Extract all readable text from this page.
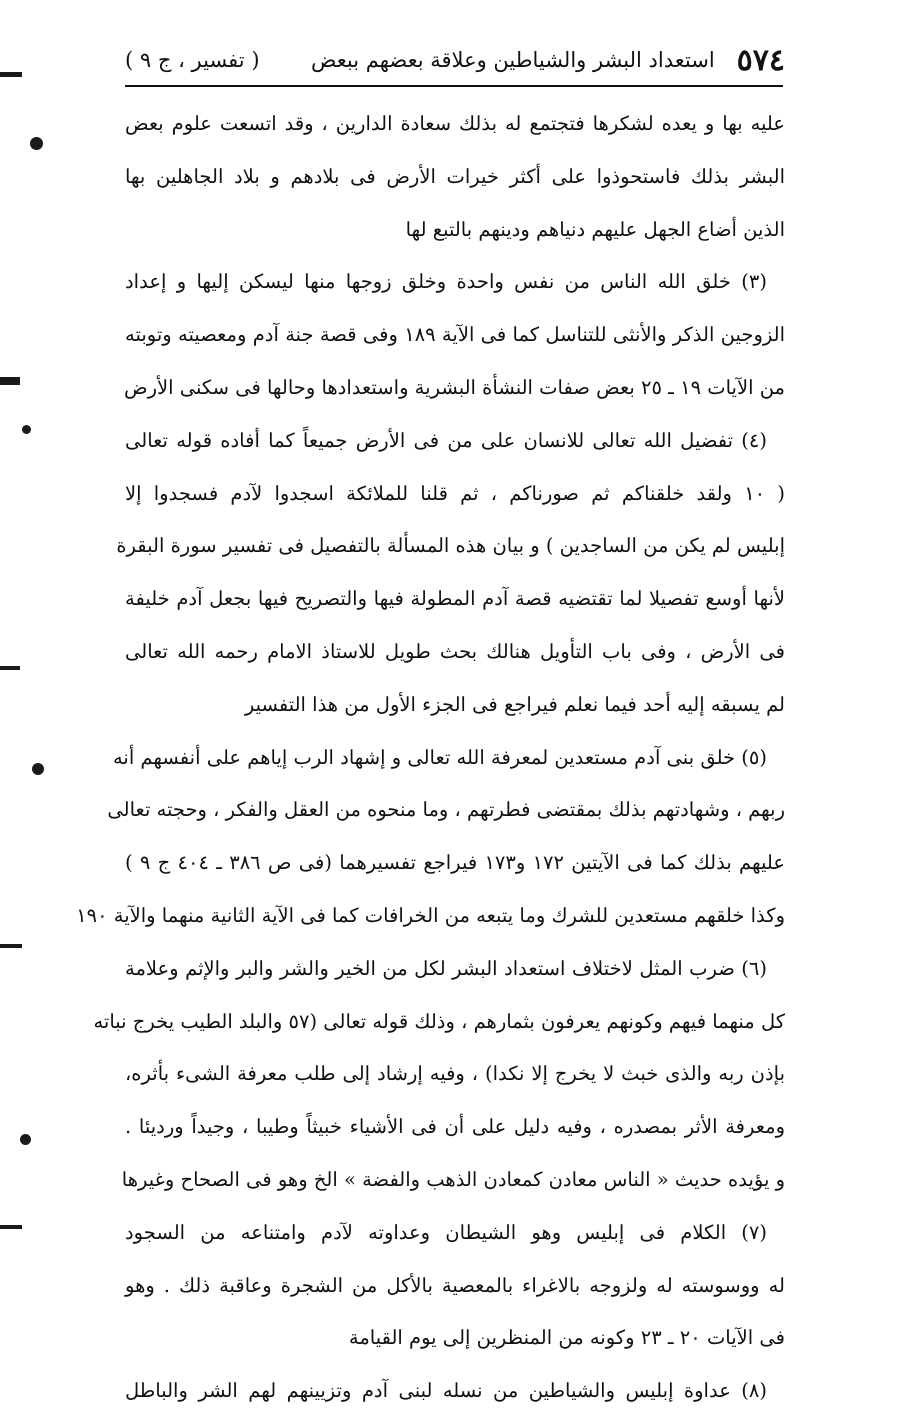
٥٧٤
استعداد البشر والشياطين وعلاقة بعضهم ببعض
( تفسير ، ج ٩ )
عليه بها و يعده لشكرها فتجتمع له بذلك سعادة الدارين ، وقد اتسعت علوم بعض
البشر بذلك فاستحوذوا على أكثر خيرات الأرض فى بلادهم و بلاد الجاهلين بها
الذين أضاع الجهل عليهم دنياهم ودينهم بالتبع لها
(٣) خلق الله الناس من نفس واحدة وخلق زوجها منها ليسكن إليها و إعداد
الزوجين الذكر والأنثى للتناسل كما فى الآية ١٨٩ وفى قصة جنة آدم ومعصيته وتوبته
من الآيات ١٩ ـ ٢٥ بعض صفات النشأة البشرية واستعدادها وحالها فى سكنى الأرض
(٤) تفضيل الله تعالى للانسان على من فى الأرض جميعاً كما أفاده قوله تعالى
( ١٠ ولقد خلقناكم ثم صورناكم ، ثم قلنا للملائكة اسجدوا لآدم فسجدوا إلا
إبليس لم يكن من الساجدين ) و بيان هذه المسألة بالتفصيل فى تفسير سورة البقرة
لأنها أوسع تفصيلا لما تقتضيه قصة آدم المطولة فيها والتصريح فيها بجعل آدم خليفة
فى الأرض ، وفى باب التأويل هنالك بحث طويل للاستاذ الامام رحمه الله تعالى
لم يسبقه إليه أحد فيما نعلم فيراجع فى الجزء الأول من هذا التفسير
(٥) خلق بنى آدم مستعدين لمعرفة الله تعالى و إشهاد الرب إياهم على أنفسهم أنه
ربهم ، وشهادتهم بذلك بمقتضى فطرتهم ، وما منحوه من العقل والفكر ، وحجته تعالى
عليهم بذلك كما فى الآيتين ١٧٢ و١٧٣ فيراجع تفسيرهما (فى ص ٣٨٦ ـ ٤٠٤ ج ٩ )
وكذا خلقهم مستعدين للشرك وما يتبعه من الخرافات كما فى الآية الثانية منهما والآية ١٩٠
(٦) ضرب المثل لاختلاف استعداد البشر لكل من الخير والشر والبر والإثم وعلامة
كل منهما فيهم وكونهم يعرفون بثمارهم ، وذلك قوله تعالى (٥٧ والبلد الطيب يخرج نباته
بإذن ربه والذى خبث لا يخرج إلا نكدا) ، وفيه إرشاد إلى طلب معرفة الشىء بأثره،
ومعرفة الأثر بمصدره ، وفيه دليل على أن فى الأشياء خبيثاً وطيبا ، وجيداً ورديئا .
و يؤيده حديث « الناس معادن كمعادن الذهب والفضة » الخ وهو فى الصحاح وغيرها
(٧) الكلام فى إبليس وهو الشيطان وعداوته لآدم وامتناعه من السجود
له ووسوسته له ولزوجه بالاغراء بالمعصية بالأكل من الشجرة وعاقبة ذلك . وهو
فى الآيات ٢٠ ـ ٢٣ وكونه من المنظرين إلى يوم القيامة
(٨) عداوة إبليس والشياطين من نسله لبنى آدم وتزيينهم لهم الشر والباطل
